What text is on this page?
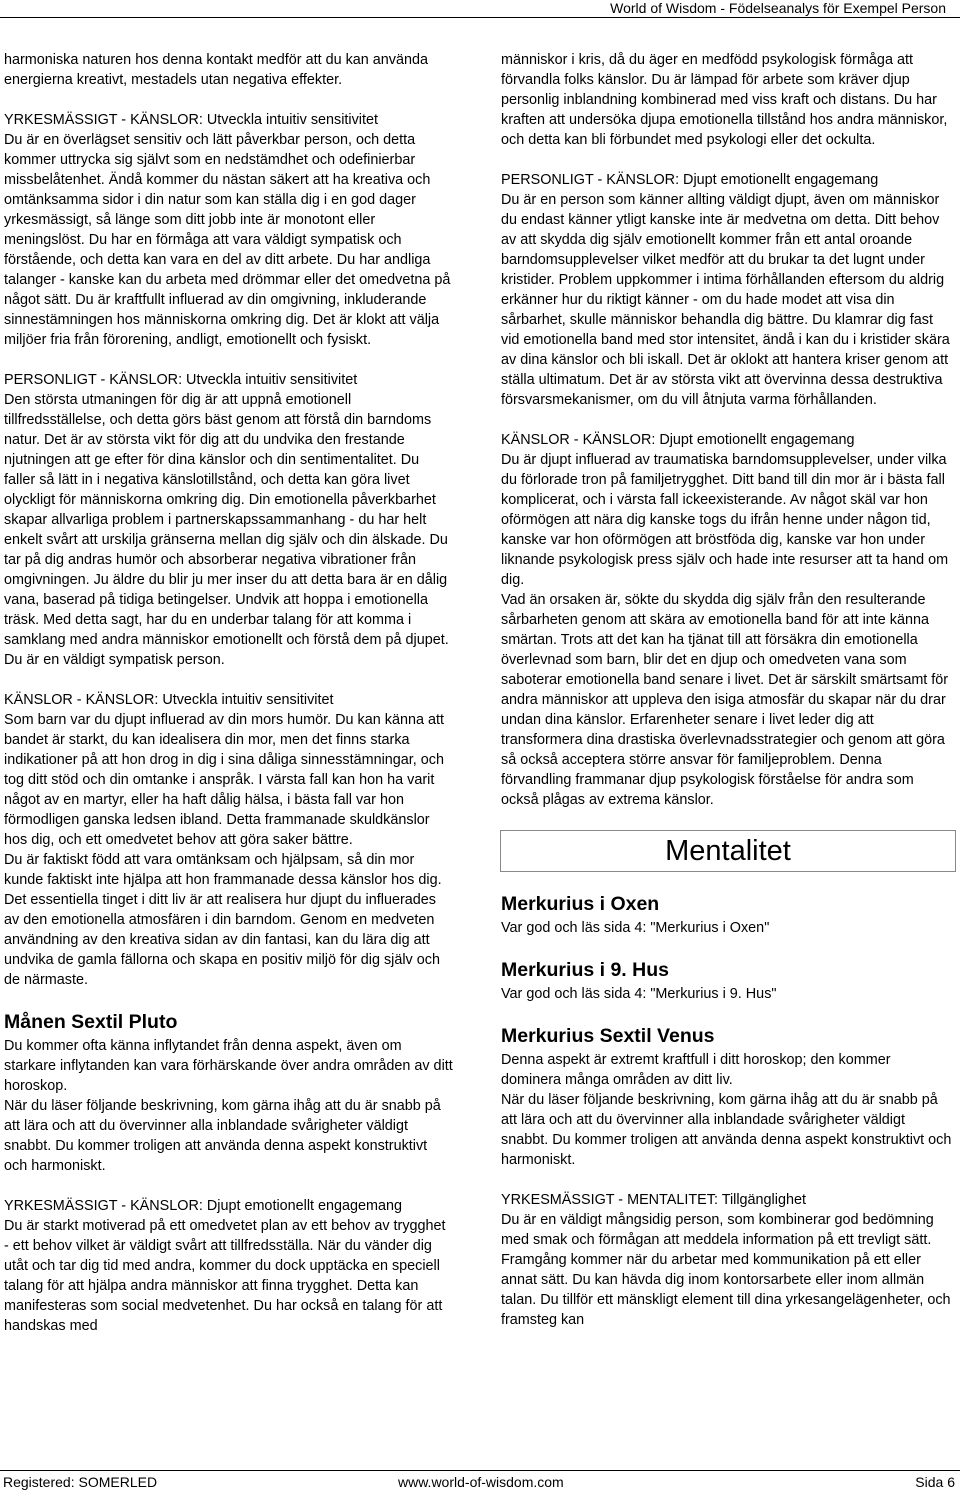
World of Wisdom - Födelseanalys för Exempel Person

harmoniska naturen hos denna kontakt medför att du kan använda energierna kreativt, mestadels utan negativa effekter.

YRKESMÄSSIGT - KÄNSLOR: Utveckla intuitiv sensitivitet
Du är en överlägset sensitiv och lätt påverkbar person, och detta kommer uttrycka sig självt som en nedstämdhet och odefinierbar missbelåtenhet. Ändå kommer du nästan säkert att ha kreativa och omtänksamma sidor i din natur som kan ställa dig i en god dager yrkesmässigt, så länge som ditt jobb inte är monotont eller meningslöst. Du har en förmåga att vara väldigt sympatisk och förstående, och detta kan vara en del av ditt arbete. Du har andliga talanger - kanske kan du arbeta med drömmar eller det omedvetna på något sätt. Du är kraftfullt influerad av din omgivning, inkluderande sinnestämningen hos människorna omkring dig. Det är klokt att välja miljöer fria från förorening, andligt, emotionellt och fysiskt.

PERSONLIGT - KÄNSLOR: Utveckla intuitiv sensitivitet
Den största utmaningen för dig är att uppnå emotionell tillfredsställelse, och detta görs bäst genom att förstå din barndoms natur. Det är av största vikt för dig att du undvika den frestande njutningen att ge efter för dina känslor och din sentimentalitet. Du faller så lätt in i negativa känslotillstånd, och detta kan göra livet olyckligt för människorna omkring dig. Din emotionella påverkbarhet skapar allvarliga problem i partnerskapssammanhang - du har helt enkelt svårt att urskilja gränserna mellan dig själv och din älskade. Du tar på dig andras humör och absorberar negativa vibrationer från omgivningen. Ju äldre du blir ju mer inser du att detta bara är en dålig vana, baserad på tidiga betingelser. Undvik att hoppa i emotionella träsk. Med detta sagt, har du en underbar talang för att komma i samklang med andra människor emotionellt och förstå dem på djupet. Du är en väldigt sympatisk person.

KÄNSLOR - KÄNSLOR: Utveckla intuitiv sensitivitet
Som barn var du djupt influerad av din mors humör. Du kan känna att bandet är starkt, du kan idealisera din mor, men det finns starka indikationer på att hon drog in dig i sina dåliga sinnesstämningar, och tog ditt stöd och din omtanke i anspråk. I värsta fall kan hon ha varit något av en martyr, eller ha haft dålig hälsa, i bästa fall var hon förmodligen ganska ledsen ibland. Detta frammanade skuldkänslor hos dig, och ett omedvetet behov att göra saker bättre.
Du är faktiskt född att vara omtänksam och hjälpsam, så din mor kunde faktiskt inte hjälpa att hon frammanade dessa känslor hos dig. Det essentiella tinget i ditt liv är att realisera hur djupt du influerades av den emotionella atmosfären i din barndom. Genom en medveten användning av den kreativa sidan av din fantasi, kan du lära dig att undvika de gamla fällorna och skapa en positiv miljö för dig själv och de närmaste.

Månen Sextil Pluto

Du kommer ofta känna inflytandet från denna aspekt, även om starkare inflytanden kan vara förhärskande över andra områden av ditt horoskop.

När du läser följande beskrivning, kom gärna ihåg att du är snabb på att lära och att du övervinner alla inblandade svårigheter väldigt snabbt. Du kommer troligen att använda denna aspekt konstruktivt och harmoniskt.

YRKESMÄSSIGT - KÄNSLOR: Djupt emotionellt engagemang
Du är starkt motiverad på ett omedvetet plan av ett behov av trygghet - ett behov vilket är väldigt svårt att tillfredsställa. När du vänder dig utåt och tar dig tid med andra, kommer du dock upptäcka en speciell talang för att hjälpa andra människor att finna trygghet. Detta kan manifesteras som social medvetenhet. Du har också en talang för att handskas med

människor i kris, då du äger en medfödd psykologisk förmåga att förvandla folks känslor. Du är lämpad för arbete som kräver djup personlig inblandning kombinerad med viss kraft och distans. Du har kraften att undersöka djupa emotionella tillstånd hos andra människor, och detta kan bli förbundet med psykologi eller det ockulta.

PERSONLIGT - KÄNSLOR: Djupt emotionellt engagemang
Du är en person som känner allting väldigt djupt, även om människor du endast känner ytligt kanske inte är medvetna om detta. Ditt behov av att skydda dig själv emotionellt kommer från ett antal oroande barndomsupplevelser vilket medför att du brukar ta det lugnt under kristider. Problem uppkommer i intima förhållanden eftersom du aldrig erkänner hur du riktigt känner - om du hade modet att visa din sårbarhet, skulle människor behandla dig bättre. Du klamrar dig fast vid emotionella band med stor intensitet, ändå i kan du i kristider skära av dina känslor och bli iskall. Det är oklokt att hantera kriser genom att ställa ultimatum. Det är av största vikt att övervinna dessa destruktiva försvarsmekanismer, om du vill åtnjuta varma förhållanden.

KÄNSLOR - KÄNSLOR: Djupt emotionellt engagemang
Du är djupt influerad av traumatiska barndomsupplevelser, under vilka du förlorade tron på familjetrygghet. Ditt band till din mor är i bästa fall komplicerat, och i värsta fall ickeexisterande. Av något skäl var hon oförmögen att nära dig kanske togs du ifrån henne under någon tid, kanske var hon oförmögen att bröstföda dig, kanske var hon under liknande psykologisk press själv och hade inte resurser att ta hand om dig.
Vad än orsaken är, sökte du skydda dig själv från den resulterande sårbarheten genom att skära av emotionella band för att inte känna smärtan. Trots att det kan ha tjänat till att försäkra din emotionella överlevnad som barn, blir det en djup och omedveten vana som saboterar emotionella band senare i livet. Det är särskilt smärtsamt för andra människor att uppleva den isiga atmosfär du skapar när du drar undan dina känslor. Erfarenheter senare i livet leder dig att transformera dina drastiska överlevnadsstrategier och genom att göra så också acceptera större ansvar för familjeproblem. Denna förvandling frammanar djup psykologisk förståelse för andra som också plågas av extrema känslor.

Mentalitet
Merkurius i Oxen

Var god och läs sida 4: "Merkurius i Oxen"

Merkurius i 9. Hus

Var god och läs sida 4: "Merkurius i 9. Hus"

Merkurius Sextil Venus

Denna aspekt är extremt kraftfull i ditt horoskop; den kommer dominera många områden av ditt liv.

När du läser följande beskrivning, kom gärna ihåg att du är snabb på att lära och att du övervinner alla inblandade svårigheter väldigt snabbt. Du kommer troligen att använda denna aspekt konstruktivt och harmoniskt.

YRKESMÄSSIGT - MENTALITET: Tillgänglighet
Du är en väldigt mångsidig person, som kombinerar god bedömning med smak och förmågan att meddela information på ett trevligt sätt. Framgång kommer när du arbetar med kommunikation på ett eller annat sätt. Du kan hävda dig inom kontorsarbete eller inom allmän talan. Du tillför ett mänskligt element till dina yrkesangelägenheter, och framsteg kan

Registered: SOMERLED	www.world-of-wisdom.com	Sida 6
